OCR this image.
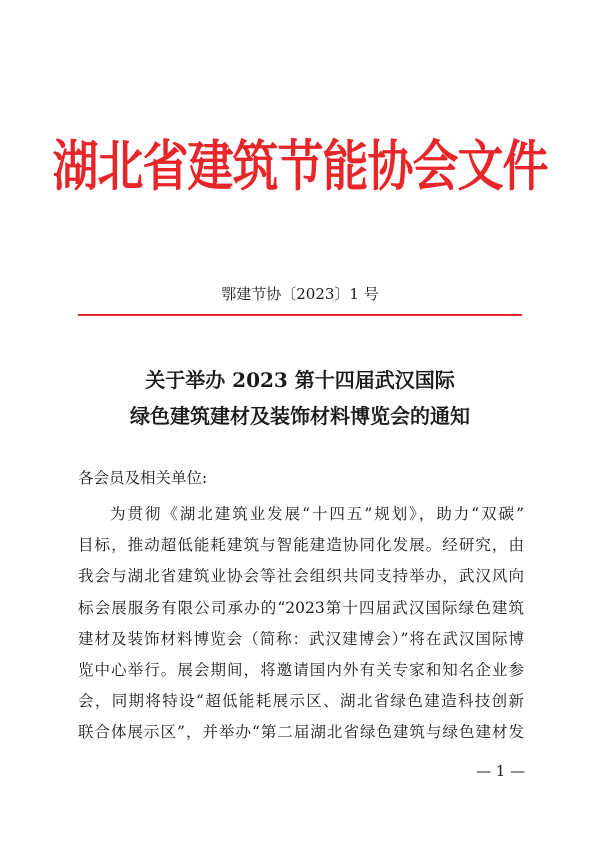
湖北省建筑节能协会文件
鄂建节协〔2023〕1 号
关于举办 2023 第十四届武汉国际
绿色建筑建材及装饰材料博览会的通知
各会员及相关单位:
为贯彻《湖北建筑业发展“十四五”规划》，助力“双碳”
目标，推动超低能耗建筑与智能建造协同化发展。经研究，由
我会与湖北省建筑业协会等社会组织共同支持举办，武汉风向
标会展服务有限公司承办的“2023第十四届武汉国际绿色建筑
建材及装饰材料博览会（简称：武汉建博会）”将在武汉国际博
览中心举行。展会期间，将邀请国内外有关专家和知名企业参
会，同期将特设“超低能耗展示区、湖北省绿色建造科技创新
联合体展示区”，并举办“第二届湖北省绿色建筑与绿色建材发
— 1 —
